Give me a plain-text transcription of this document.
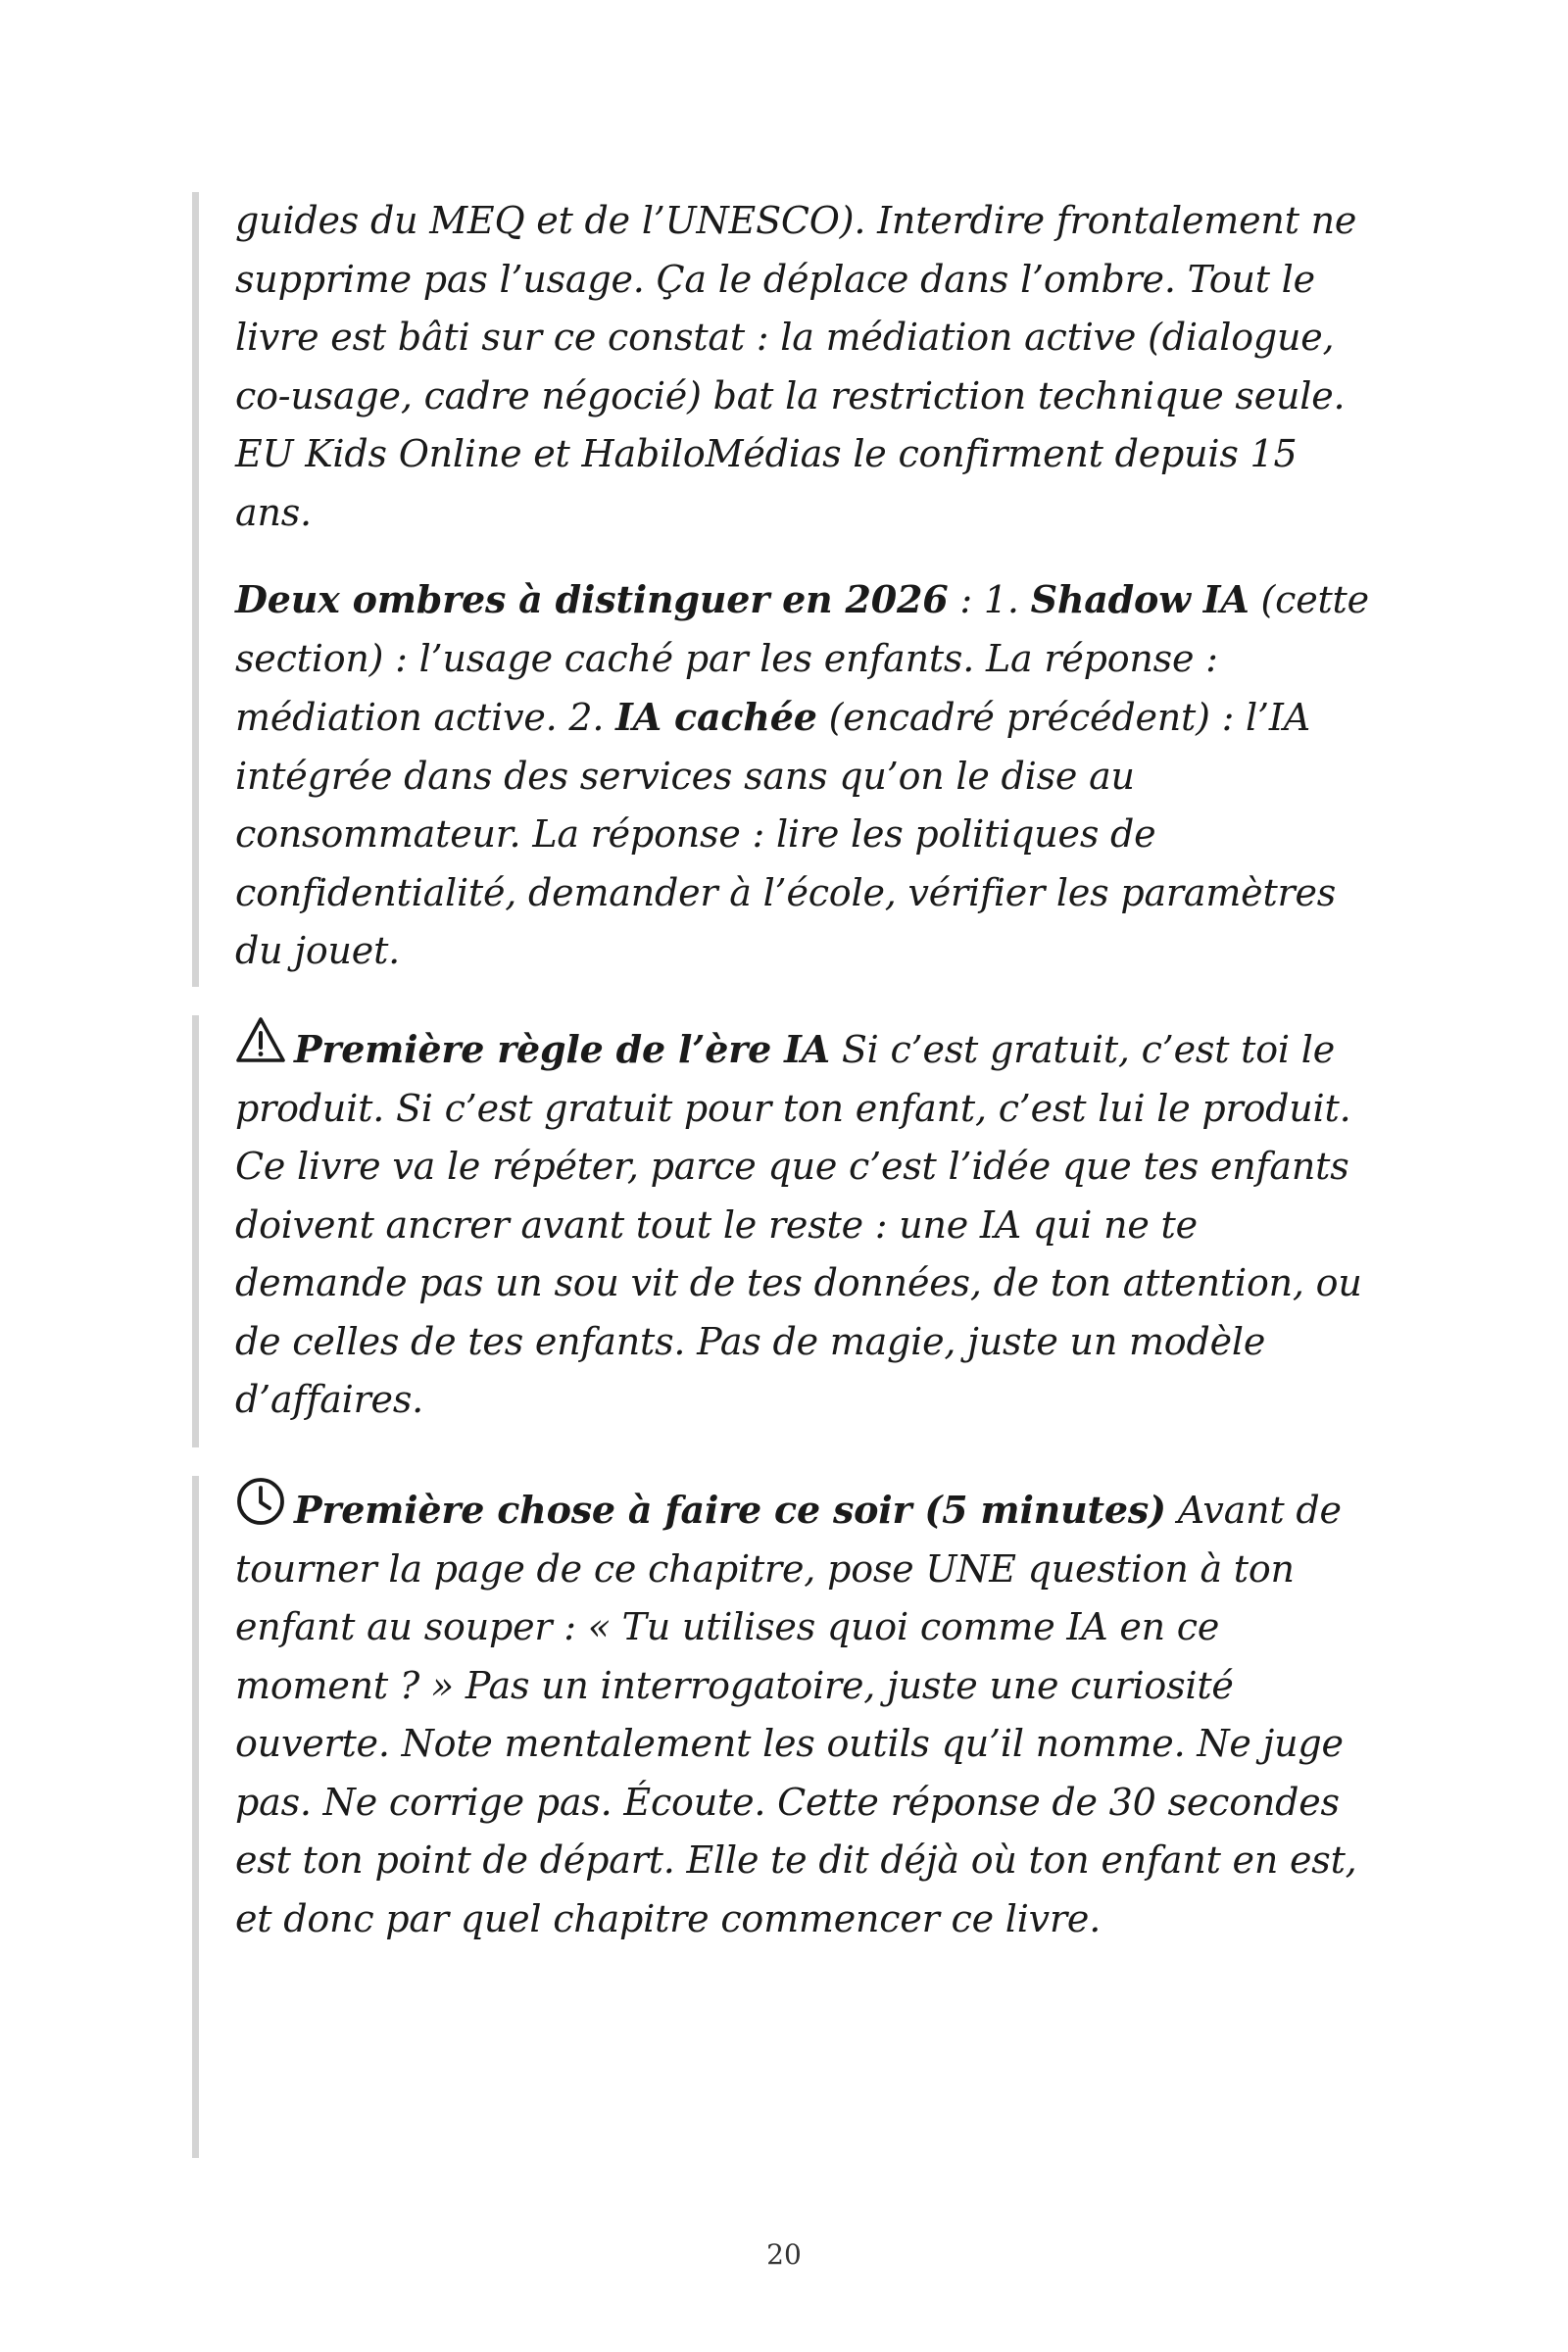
guides du MEQ et de l’UNESCO). Interdire frontalement ne supprime pas l’usage. Ça le déplace dans l’ombre. Tout le livre est bâti sur ce constat : la médiation active (dialogue, co-usage, cadre négocié) bat la restriction technique seule. EU Kids Online et HabiloMédias le confirment depuis 15 ans.

Deux ombres à distinguer en 2026 : 1. Shadow IA (cette section) : l’usage caché par les enfants. La réponse : médiation active. 2. IA cachée (encadré précédent) : l’IA intégrée dans des services sans qu’on le dise au consommateur. La réponse : lire les politiques de confidentialité, demander à l’école, vérifier les paramètres du jouet.

Première règle de l’ère IA Si c’est gratuit, c’est toi le produit. Si c’est gratuit pour ton enfant, c’est lui le produit. Ce livre va le répéter, parce que c’est l’idée que tes enfants doivent ancrer avant tout le reste : une IA qui ne te demande pas un sou vit de tes données, de ton attention, ou de celles de tes enfants. Pas de magie, juste un modèle d’affaires.

Première chose à faire ce soir (5 minutes) Avant de tourner la page de ce chapitre, pose UNE question à ton enfant au souper : « Tu utilises quoi comme IA en ce moment ? » Pas un interrogatoire, juste une curiosité ouverte. Note mentalement les outils qu’il nomme. Ne juge pas. Ne corrige pas. Écoute. Cette réponse de 30 secondes est ton point de départ. Elle te dit déjà où ton enfant en est, et donc par quel chapitre commencer ce livre.

20
